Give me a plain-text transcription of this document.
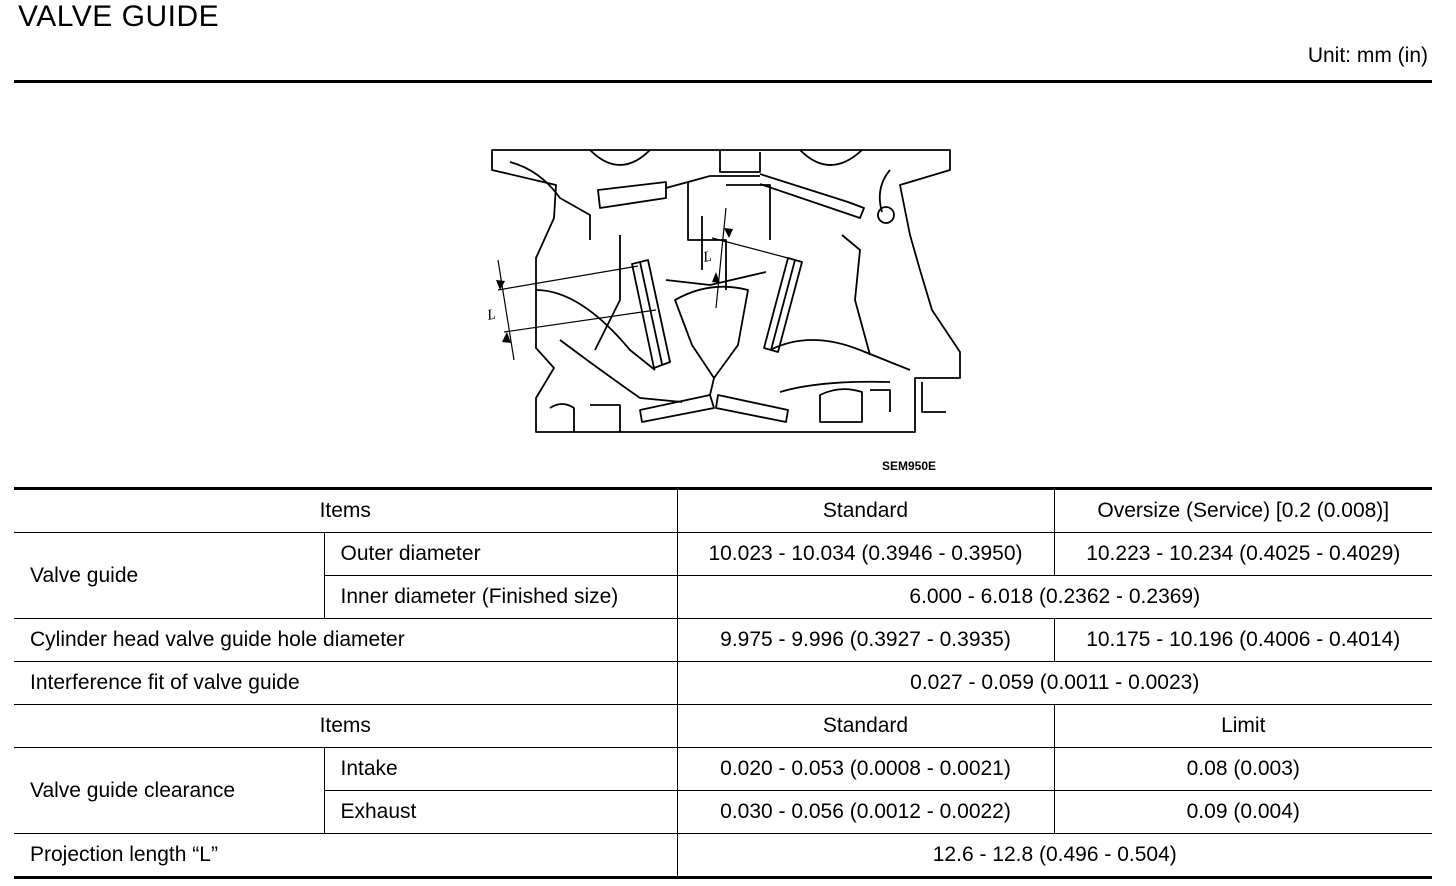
VALVE GUIDE
Unit: mm (in)
L
L
SEM950E
Items		Standard	Oversize (Service) [0.2 (0.008)]
Valve guide	Outer diameter	10.023 - 10.034 (0.3946 - 0.3950)	10.223 - 10.234 (0.4025 - 0.4029)
	Inner diameter (Finished size)	6.000 - 6.018 (0.2362 - 0.2369)	
Cylinder head valve guide hole diameter		9.975 - 9.996 (0.3927 - 0.3935)	10.175 - 10.196 (0.4006 - 0.4014)
Interference fit of valve guide		0.027 - 0.059 (0.0011 - 0.0023)	
Items		Standard	Limit
Valve guide clearance	Intake	0.020 - 0.053 (0.0008 - 0.0021)	0.08 (0.003)
	Exhaust	0.030 - 0.056 (0.0012 - 0.0022)	0.09 (0.004)
Projection length “L”		12.6 - 12.8 (0.496 - 0.504)	
